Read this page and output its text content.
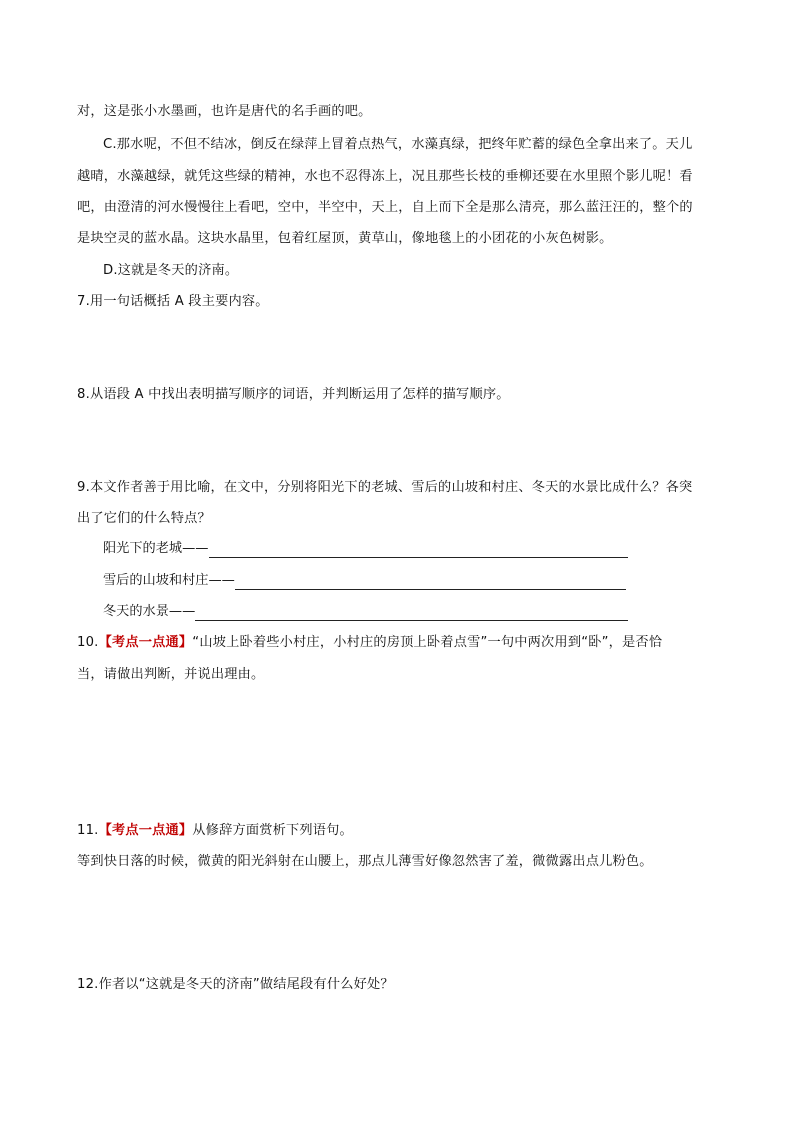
对，这是张小水墨画，也许是唐代的名手画的吧。
C.那水呢，不但不结冰，倒反在绿萍上冒着点热气，水藻真绿，把终年贮蓄的绿色全拿出来了。天儿
越晴，水藻越绿，就凭这些绿的精神，水也不忍得冻上，况且那些长枝的垂柳还要在水里照个影儿呢！看
吧，由澄清的河水慢慢往上看吧，空中，半空中，天上，自上而下全是那么清亮，那么蓝汪汪的，整个的
是块空灵的蓝水晶。这块水晶里，包着红屋顶，黄草山，像地毯上的小团花的小灰色树影。
D.这就是冬天的济南。
7.用一句话概括 A 段主要内容。
8.从语段 A 中找出表明描写顺序的词语，并判断运用了怎样的描写顺序。
9.本文作者善于用比喻，在文中，分别将阳光下的老城、雪后的山坡和村庄、冬天的水景比成什么？各突
出了它们的什么特点？
阳光下的老城——
雪后的山坡和村庄——
冬天的水景——
10.【考点一点通】“山坡上卧着些小村庄，小村庄的房顶上卧着点雪”一句中两次用到“卧”，是否恰
当，请做出判断，并说出理由。
11.【考点一点通】从修辞方面赏析下列语句。
等到快日落的时候，微黄的阳光斜射在山腰上，那点儿薄雪好像忽然害了羞，微微露出点儿粉色。
12.作者以“这就是冬天的济南”做结尾段有什么好处？
